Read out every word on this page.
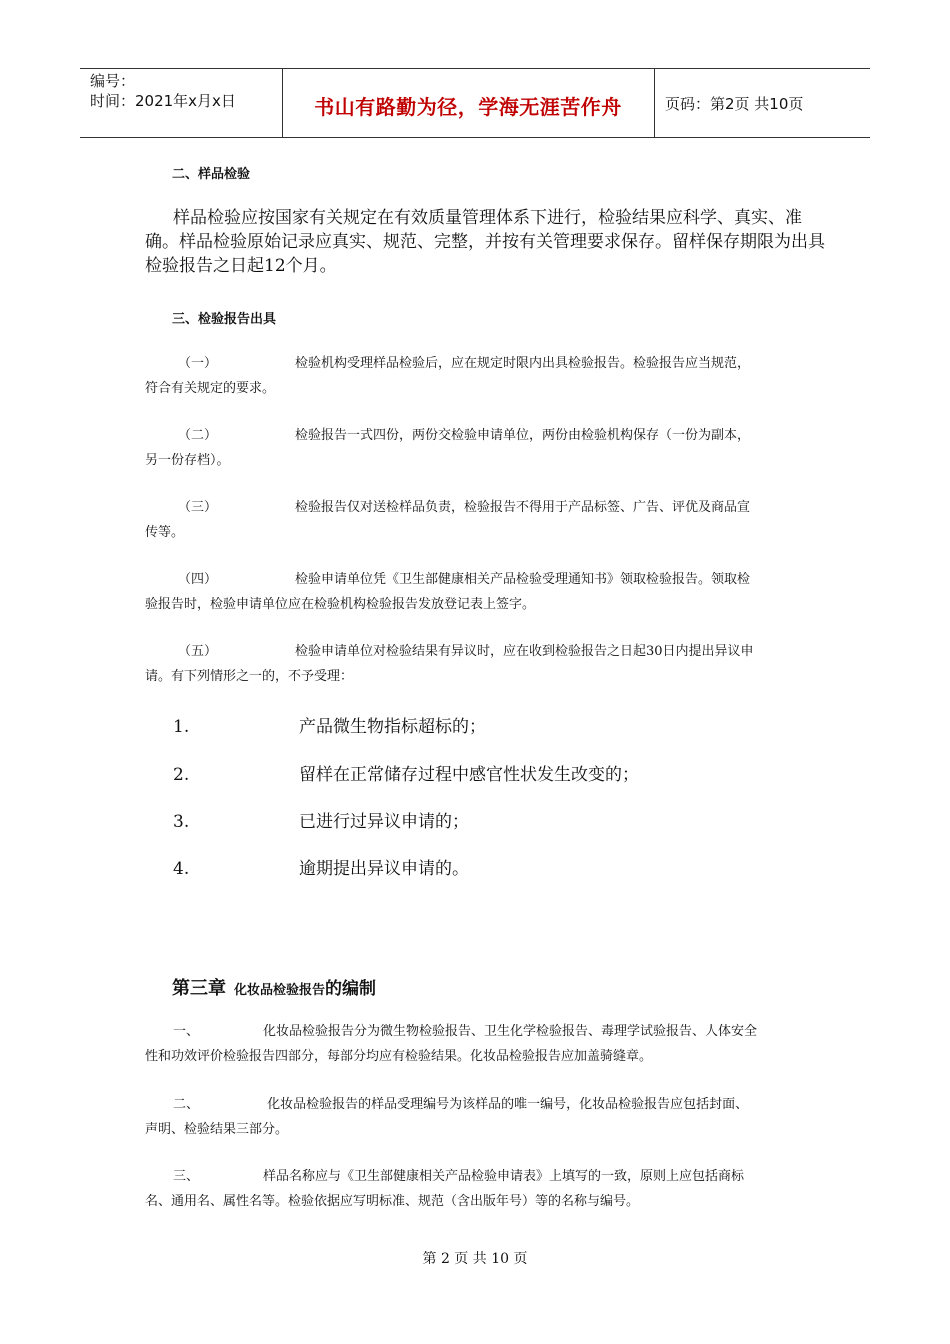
编号：
时间：2021年x月x日	书山有路勤为径，学海无涯苦作舟	页码：第2页 共10页
二、样品检验
样品检验应按国家有关规定在有效质量管理体系下进行，检验结果应科学、真实、准确。样品检验原始记录应真实、规范、完整，并按有关管理要求保存。留样保存期限为出具检验报告之日起12个月。
三、检验报告出具
（一）	检验机构受理样品检验后，应在规定时限内出具检验报告。检验报告应当规范，
符合有关规定的要求。
（二）	检验报告一式四份，两份交检验申请单位，两份由检验机构保存（一份为副本，
另一份存档）。
（三）	检验报告仅对送检样品负责，检验报告不得用于产品标签、广告、评优及商品宣
传等。
（四）	检验申请单位凭《卫生部健康相关产品检验受理通知书》领取检验报告。领取检
验报告时，检验申请单位应在检验机构检验报告发放登记表上签字。
（五）	检验申请单位对检验结果有异议时，应在收到检验报告之日起30日内提出异议申
请。有下列情形之一的，不予受理：
1.	产品微生物指标超标的；
2.	留样在正常储存过程中感官性状发生改变的；
3.	已进行过异议申请的；
4.	逾期提出异议申请的。
第三章 化妆品检验报告的编制
一、	化妆品检验报告分为微生物检验报告、卫生化学检验报告、毒理学试验报告、人体安全
性和功效评价检验报告四部分，每部分均应有检验结果。化妆品检验报告应加盖骑缝章。
二、	化妆品检验报告的样品受理编号为该样品的唯一编号，化妆品检验报告应包括封面、
声明、检验结果三部分。
三、	样品名称应与《卫生部健康相关产品检验申请表》上填写的一致，原则上应包括商标
名、通用名、属性名等。检验依据应写明标准、规范（含出版年号）等的名称与编号。
第 2 页 共 10 页
